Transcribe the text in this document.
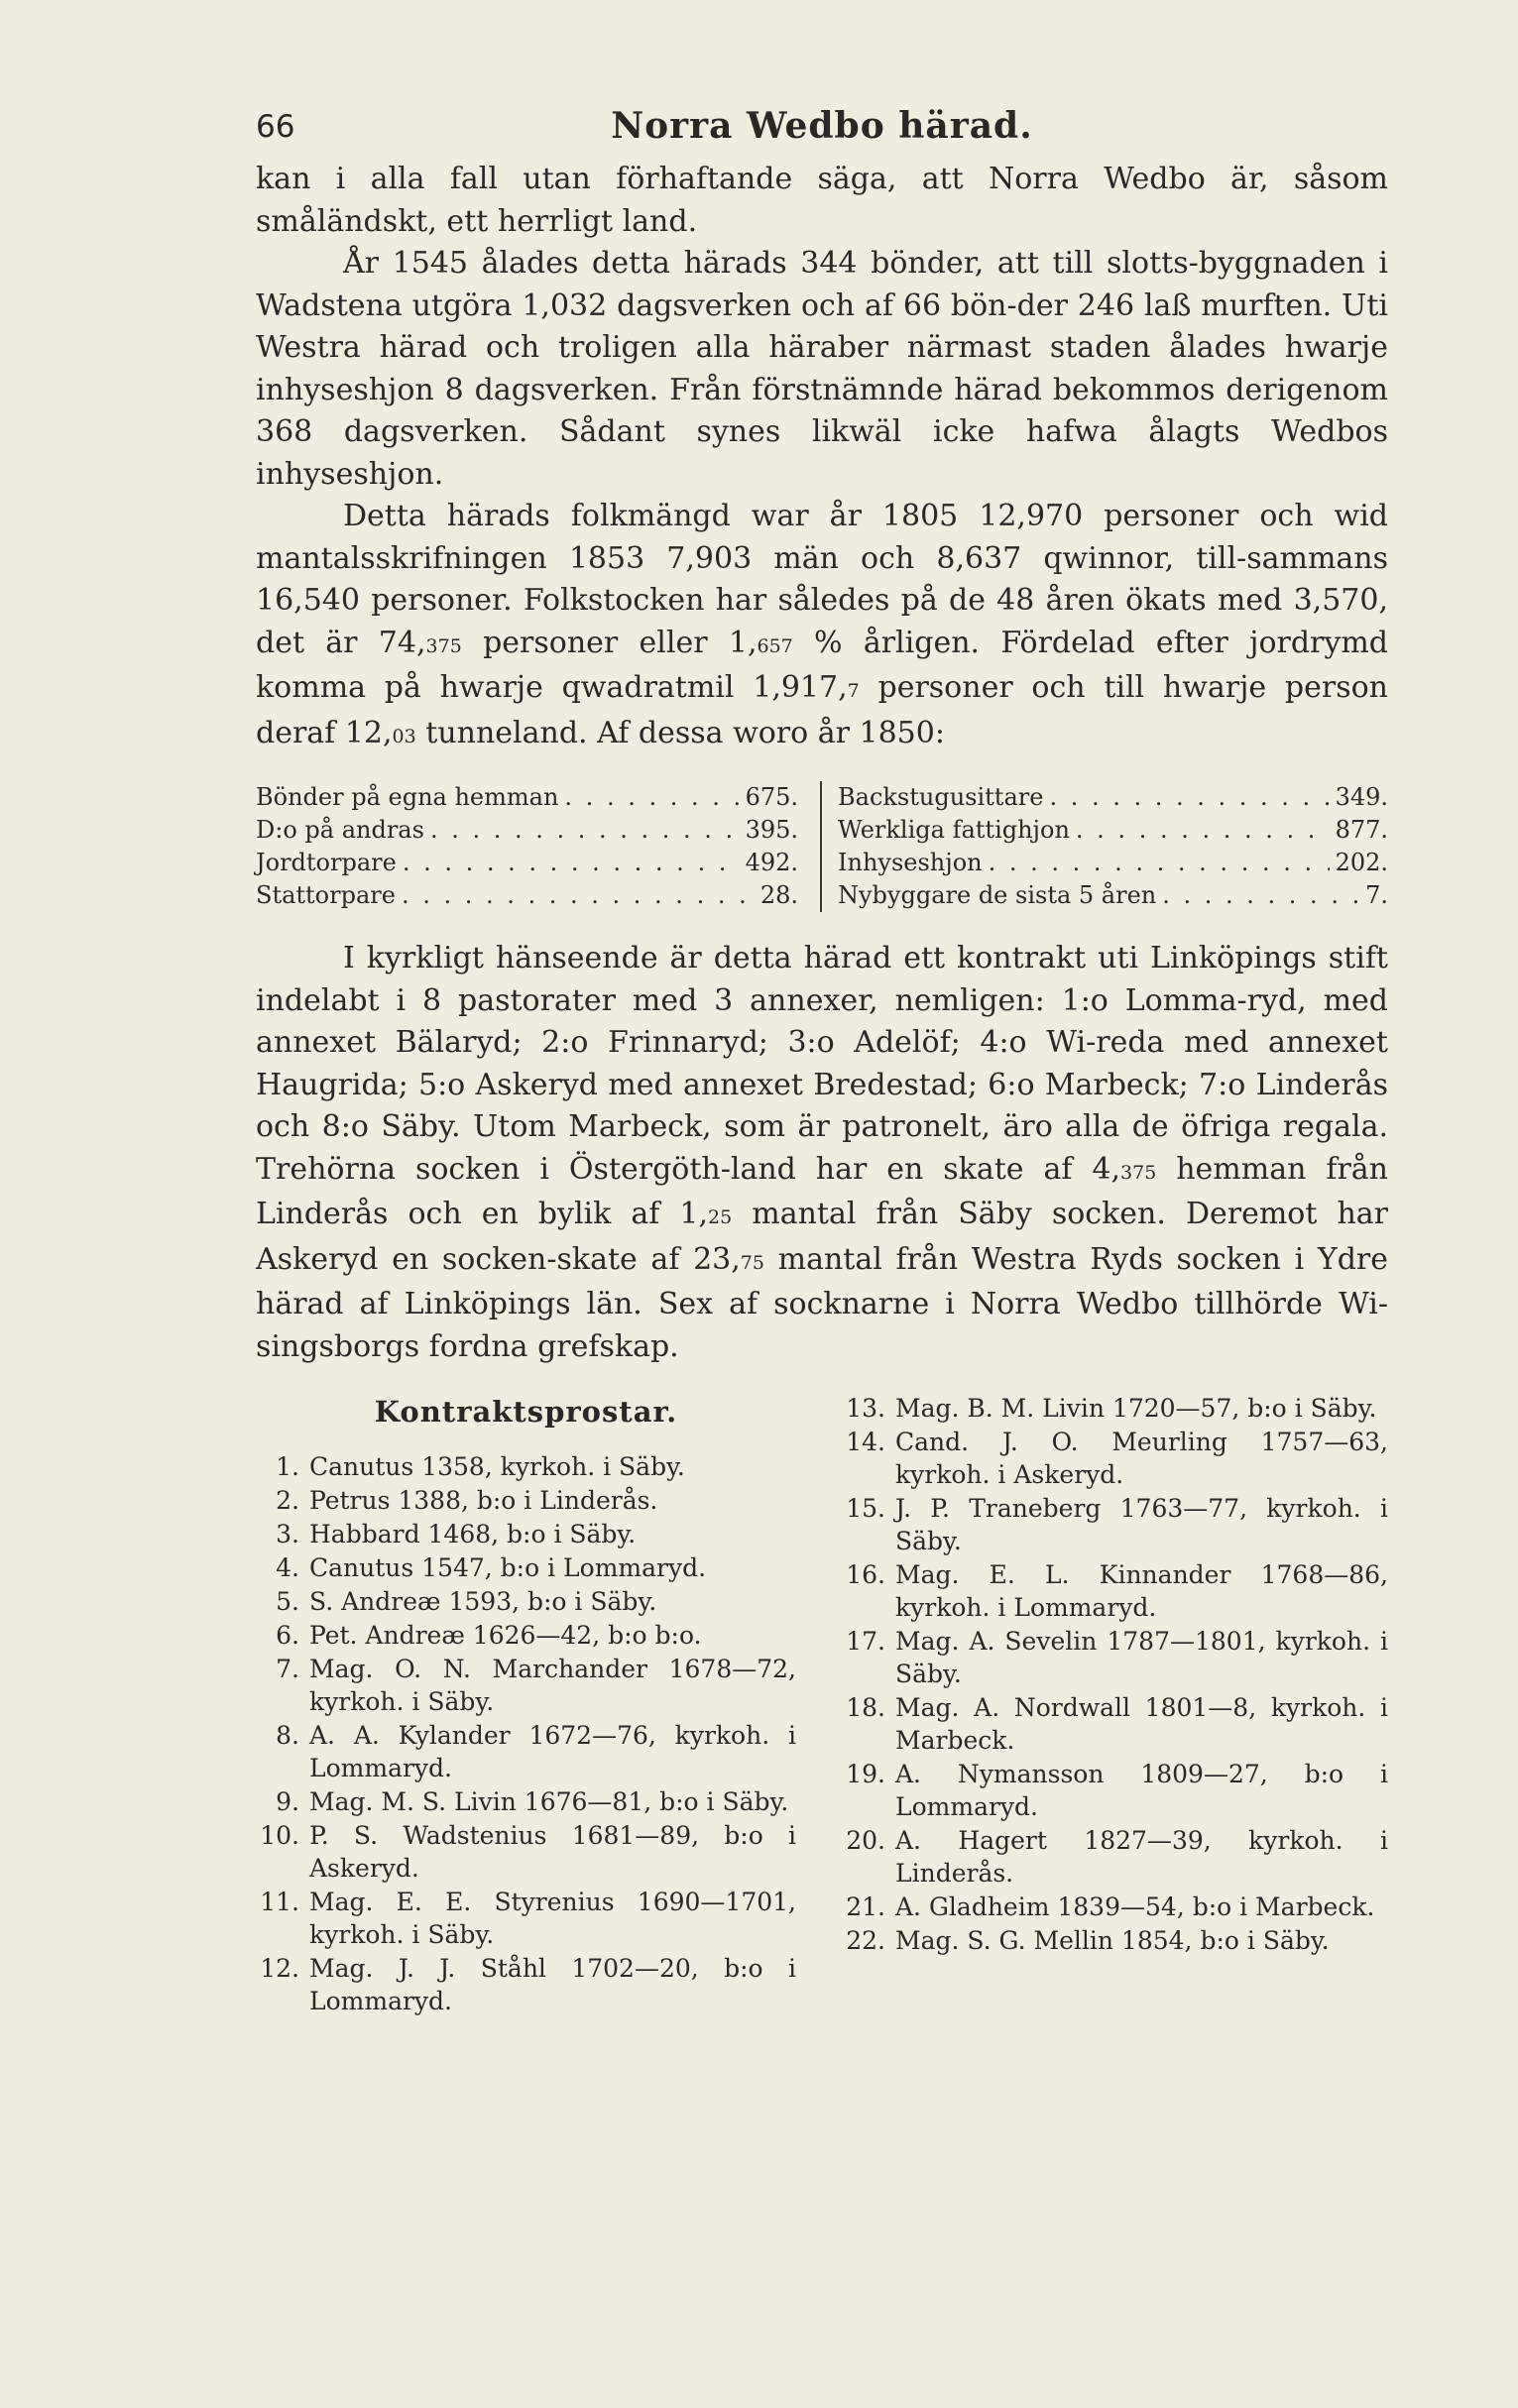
66	Norra Wedbo härad.

kan i alla fall utan förhaftande säga, att Norra Wedbo är, såsom småländskt, ett herrligt land.

År 1545 ålades detta härads 344 bönder, att till slotts-byggnaden i Wadstena utgöra 1,032 dagsverken och af 66 bön-der 246 laß murften. Uti Westra härad och troligen alla häraber närmast staden ålades hwarje inhyseshjon 8 dagsverken. Från förstnämnde härad bekommos derigenom 368 dagsverken. Sådant synes likwäl icke hafwa ålagts Wedbos inhyseshjon.

Detta härads folkmängd war år 1805 12,970 personer och wid mantalsskrifningen 1853 7,903 män och 8,637 qwinnor, till-sammans 16,540 personer. Folkstocken har således på de 48 åren ökats med 3,570, det är 74,375 personer eller 1,657 % årligen. Fördelad efter jordrymd komma på hwarje qwadratmil 1,917,7 personer och till hwarje person deraf 12,03 tunneland. Af dessa woro år 1850:

Bönder på egna hemman . . .	675.
D:o på andras . . .	395.
Jordtorpare . . .	492.
Stattorpare . . .	28.
Backstugusittare . . .	349.
Werkliga fattighjon . . .	877.
Inhyseshjon . . .	202.
Nybyggare de sista 5 åren . . .	7.

I kyrkligt hänseende är detta härad ett kontrakt uti Linköpings stift indelabt i 8 pastorater med 3 annexer, nemligen: 1:o Lomma-ryd, med annexet Bälaryd; 2:o Frinnaryd; 3:o Adelöf; 4:o Wi-reda med annexet Haugrida; 5:o Askeryd med annexet Bredestad; 6:o Marbeck; 7:o Linderås och 8:o Säby. Utom Marbeck, som är patronelt, äro alla de öfriga regala. Trehörna socken i Östergöth-land har en skate af 4,375 hemman från Linderås och en bylik af 1,25 mantal från Säby socken. Deremot har Askeryd en socken-skate af 23,75 mantal från Westra Ryds socken i Ydre härad af Linköpings län. Sex af socknarne i Norra Wedbo tillhörde Wi-singsborgs fordna grefskap.

Kontraktsprostar.
1. Canutus 1358, kyrkoh. i Säby.
2. Petrus 1388, b:o i Linderås.
3. Habbard 1468, b:o i Säby.
4. Canutus 1547, b:o i Lommaryd.
5. S. Andreæ 1593, b:o i Säby.
6. Pet. Andreæ 1626—42, b:o b:o.
7. Mag. O. N. Marchander 1678—72, kyrkoh. i Säby.
8. A. A. Kylander 1672—76, kyrkoh. i Lommaryd.
9. Mag. M. S. Livin 1676—81, b:o i Säby.
10. P. S. Wadstenius 1681—89, b:o i Askeryd.
11. Mag. E. E. Styrenius 1690—1701, kyrkoh. i Säby.
12. Mag. J. J. Ståhl 1702—20, b:o i Lommaryd.
13. Mag. B. M. Livin 1720—57, b:o i Säby.
14. Cand. J. O. Meurling 1757—63, kyrkoh. i Askeryd.
15. J. P. Traneberg 1763—77, kyrkoh. i Säby.
16. Mag. E. L. Kinnander 1768—86, kyrkoh. i Lommaryd.
17. Mag. A. Sevelin 1787—1801, kyrkoh. i Säby.
18. Mag. A. Nordwall 1801—8, kyrkoh. i Marbeck.
19. A. Nymansson 1809—27, b:o i Lommaryd.
20. A. Hagert 1827—39, kyrkoh. i Linderås.
21. A. Gladheim 1839—54, b:o i Marbeck.
22. Mag. S. G. Mellin 1854, b:o i Säby.
